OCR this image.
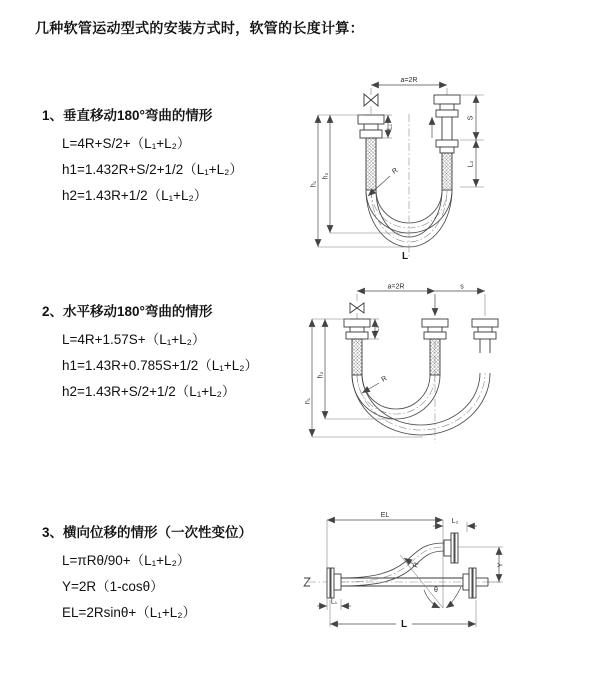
几种软管运动型式的安装方式时，软管的长度计算：
1、垂直移动180°弯曲的情形
L=4R+S/2+（L₁+L₂）
h1=1.432R+S/2+1/2（L₁+L₂）
h2=1.43R+1/2（L₁+L₂）
2、水平移动180°弯曲的情形
L=4R+1.57S+（L₁+L₂）
h1=1.43R+0.785S+1/2（L₁+L₂）
h2=1.43R+S/2+1/2（L₁+L₂）
3、横向位移的情形（一次性变位）
L=πRθ/90+（L₁+L₂）
Y=2R（1-cosθ）
EL=2Rsinθ+（L₁+L₂）
a=2R
h₁
h₂
L₁
S
L₂
R
L
a=2R	s
h₁
h₂
L₁
R
EL
L₂
Y
R
θ
L
L₁
